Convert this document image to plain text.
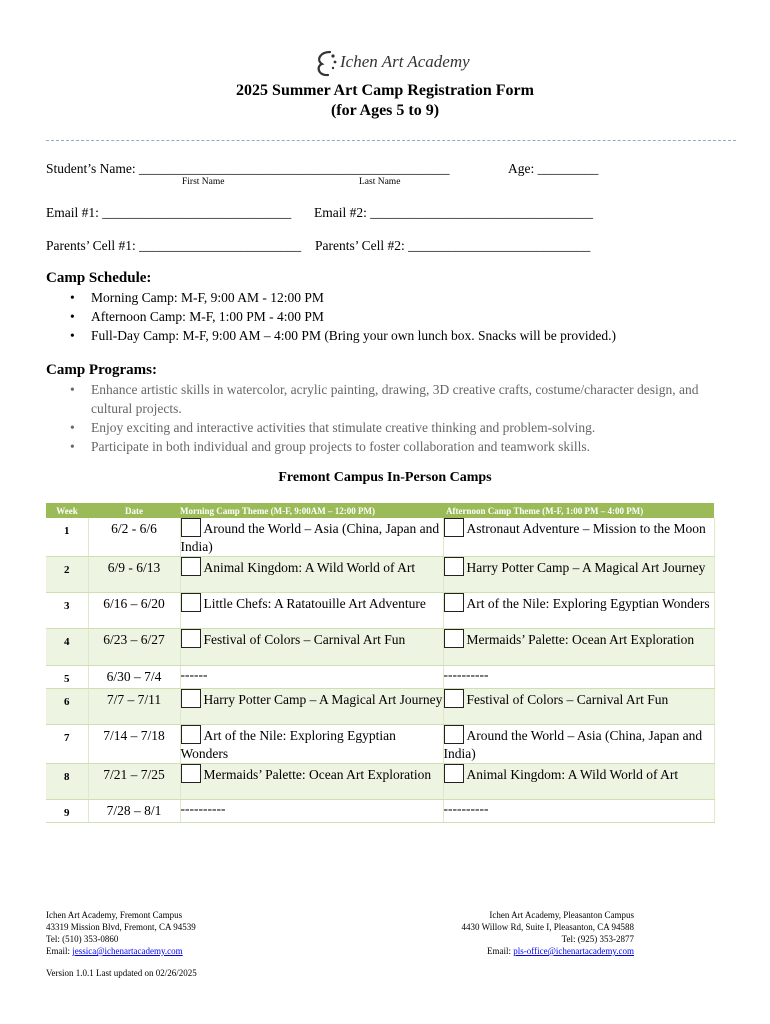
Ichen Art Academy
2025 Summer Art Camp Registration Form
(for Ages 5 to 9)
Student’s Name: ______________________________________________
First Name	Last Name
Age: _________
Email #1: ____________________________ Email #2: _________________________________
Parents’ Cell #1: ________________________ Parents’ Cell #2: ___________________________
Camp Schedule:
• Morning Camp: M-F, 9:00 AM - 12:00 PM
• Afternoon Camp: M-F, 1:00 PM - 4:00 PM
• Full-Day Camp: M-F, 9:00 AM – 4:00 PM (Bring your own lunch box. Snacks will be provided.)
Camp Programs:
• Enhance artistic skills in watercolor, acrylic painting, drawing, 3D creative crafts, costume/character design, and cultural projects.
• Enjoy exciting and interactive activities that stimulate creative thinking and problem-solving.
• Participate in both individual and group projects to foster collaboration and teamwork skills.
Fremont Campus In-Person Camps
Week	Date	Morning Camp Theme (M-F, 9:00AM – 12:00 PM)	Afternoon Camp Theme (M-F, 1:00 PM – 4:00 PM)
1	6/2 - 6/6	Around the World – Asia (China, Japan and India)	Astronaut Adventure – Mission to the Moon
2	6/9 - 6/13	Animal Kingdom: A Wild World of Art	Harry Potter Camp – A Magical Art Journey
3	6/16 – 6/20	Little Chefs: A Ratatouille Art Adventure	Art of the Nile: Exploring Egyptian Wonders
4	6/23 – 6/27	Festival of Colors – Carnival Art Fun	Mermaids’ Palette: Ocean Art Exploration
5	6/30 – 7/4	------	----------
6	7/7 – 7/11	Harry Potter Camp – A Magical Art Journey	Festival of Colors – Carnival Art Fun
7	7/14 – 7/18	Art of the Nile: Exploring Egyptian Wonders	Around the World – Asia (China, Japan and India)
8	7/21 – 7/25	Mermaids’ Palette: Ocean Art Exploration	Animal Kingdom: A Wild World of Art
9	7/28 – 8/1	----------	----------
Ichen Art Academy, Fremont Campus
43319 Mission Blvd, Fremont, CA 94539
Tel: (510) 353-0860
Email: jessica@ichenartacademy.com
Ichen Art Academy, Pleasanton Campus
4430 Willow Rd, Suite I, Pleasanton, CA 94588
Tel: (925) 353-2877
Email: pls-office@ichenartacademy.com
Version 1.0.1 Last updated on 02/26/2025
